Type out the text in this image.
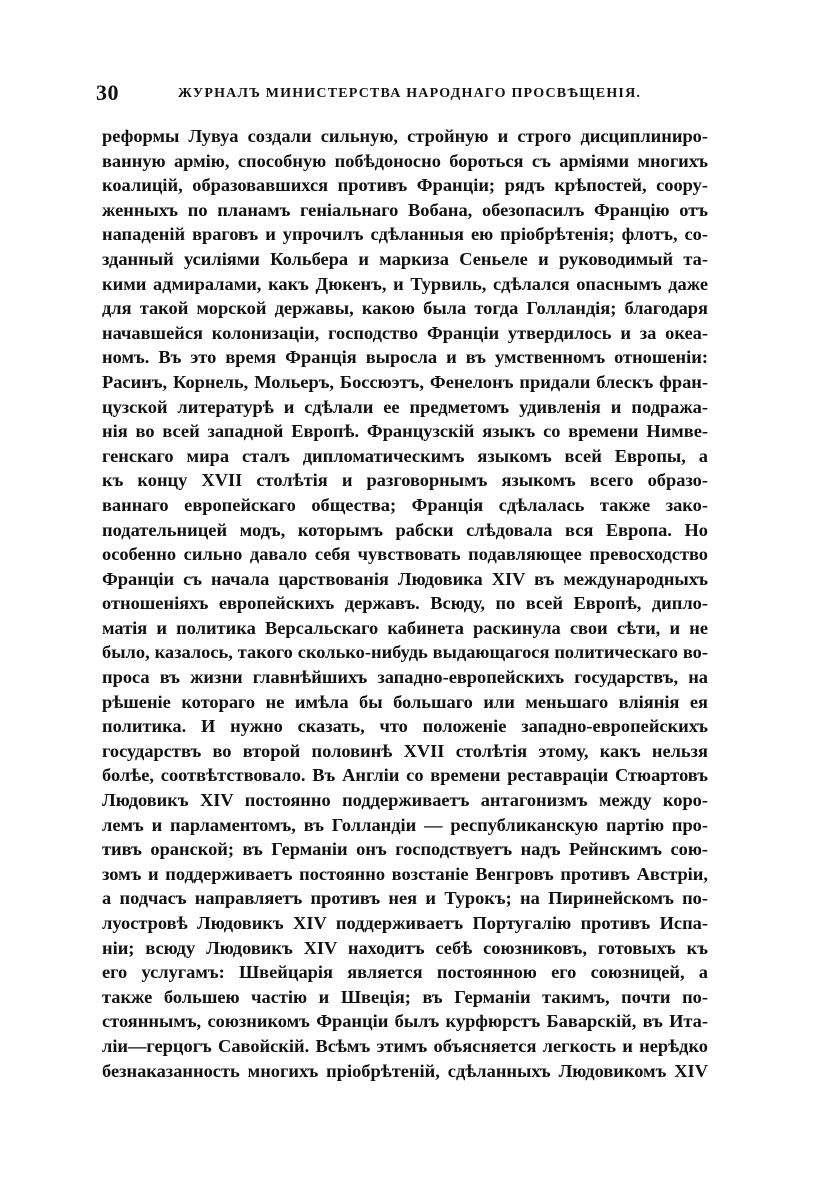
30	ЖУРНАЛЪ МИНИСТЕРСТВА НАРОДНАГО ПРОСВѢЩЕНІЯ.
реформы Лувуа создали сильную, стройную и строго дисциплиниро-
ванную армію, способную побѣдоносно бороться съ арміями многихъ
коалицій, образовавшихся противъ Франціи; рядъ крѣпостей, соору-
женныхъ по планамъ геніальнаго Вобана, обезопасилъ Францію отъ
нападеній враговъ и упрочилъ сдѣланныя ею пріобрѣтенія; флотъ, со-
зданный усиліями Кольбера и маркиза Сеньеле и руководимый та-
кими адмиралами, какъ Дюкенъ, и Турвиль, сдѣлался опаснымъ даже
для такой морской державы, какою была тогда Голландія; благодаря
начавшейся колонизаціи, господство Франціи утвердилось и за океа-
номъ. Въ это время Франція выросла и въ умственномъ отношеніи:
Расинъ, Корнель, Мольеръ, Боссюэтъ, Фенелонъ придали блескъ фран-
цузской литературѣ и сдѣлали ее предметомъ удивленія и подража-
нія во всей западной Европѣ. Французскій языкъ со времени Нимве-
генскаго мира сталъ дипломатическимъ языкомъ всей Европы, а
къ концу XVII столѣтія и разговорнымъ языкомъ всего образо-
ваннаго европейскаго общества; Франція сдѣлалась также зако-
подательницей модъ, которымъ рабски слѣдовала вся Европа. Но
особенно сильно давало себя чувствовать подавляющее превосходство
Франціи съ начала царствованія Людовика XIV въ международныхъ
отношеніяхъ европейскихъ державъ. Всюду, по всей Европѣ, дипло-
матія и политика Версальскаго кабинета раскинула свои сѣти, и не
было, казалось, такого сколько-нибудь выдающагося политическаго во-
проса въ жизни главнѣйшихъ западно-европейскихъ государствъ, на
рѣшеніе котораго не имѣла бы большаго или меньшаго вліянія ея
политика. И нужно сказать, что положеніе западно-европейскихъ
государствъ во второй половинѣ XVII столѣтія этому, какъ нельзя
болѣе, соотвѣтствовало. Въ Англіи со времени реставраціи Стюартовъ
Людовикъ XIV постоянно поддерживаетъ антагонизмъ между коро-
лемъ и парламентомъ, въ Голландіи — республиканскую партію про-
тивъ оранской; въ Германіи онъ господствуетъ надъ Рейнскимъ сою-
зомъ и поддерживаетъ постоянно возстаніе Венгровъ противъ Австріи,
а подчасъ направляетъ противъ нея и Турокъ; на Пиринейскомъ по-
луостровѣ Людовикъ XIV поддерживаетъ Португалію противъ Испа-
ніи; всюду Людовикъ XIV находитъ себѣ союзниковъ, готовыхъ къ
его услугамъ: Швейцарія является постоянною его союзницей, а
также большею частію и Швеція; въ Германіи такимъ, почти по-
стояннымъ, союзникомъ Франціи былъ курфюрстъ Баварскій, въ Ита-
ліи—герцогъ Савойскій. Всѣмъ этимъ объясняется легкость и нерѣдко
безнаказанность многихъ пріобрѣтеній, сдѣланныхъ Людовикомъ XIV
